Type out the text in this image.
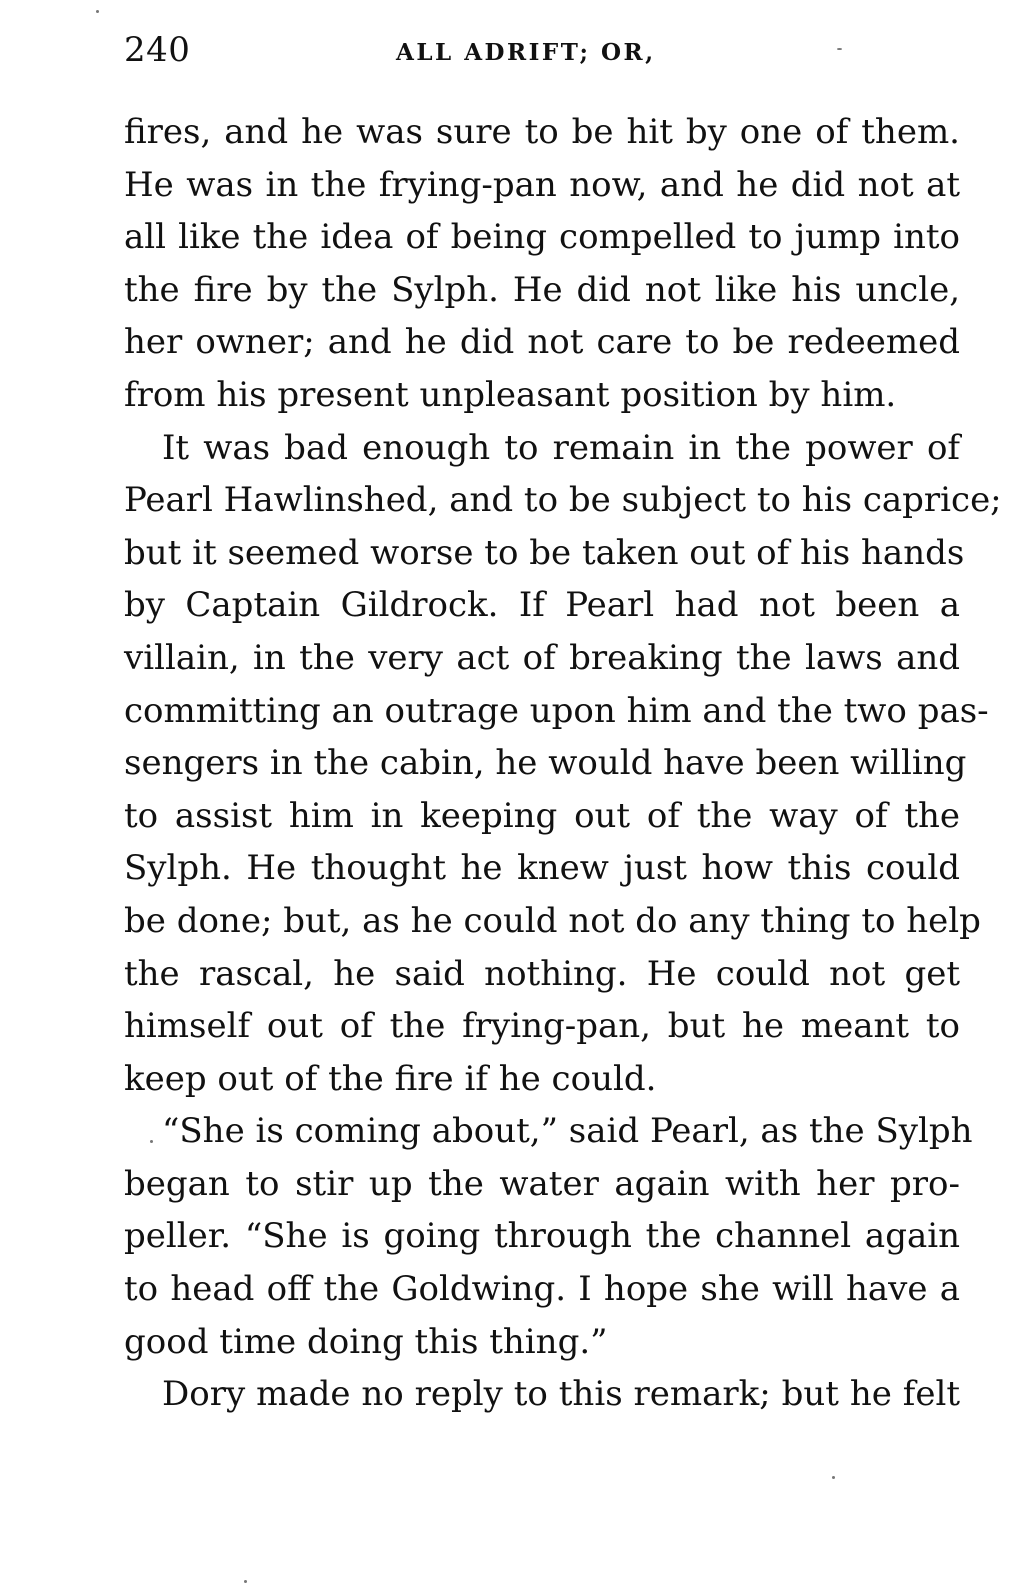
240	ALL ADRIFT; OR,
fires, and he was sure to be hit by one of them.
He was in the frying-pan now, and he did not at
all like the idea of being compelled to jump into
the fire by the Sylph. He did not like his uncle,
her owner; and he did not care to be redeemed
from his present unpleasant position by him.
It was bad enough to remain in the power of
Pearl Hawlinshed, and to be subject to his caprice;
but it seemed worse to be taken out of his hands
by Captain Gildrock. If Pearl had not been a
villain, in the very act of breaking the laws and
committing an outrage upon him and the two pas-
sengers in the cabin, he would have been willing
to assist him in keeping out of the way of the
Sylph. He thought he knew just how this could
be done; but, as he could not do any thing to help
the rascal, he said nothing. He could not get
himself out of the frying-pan, but he meant to
keep out of the fire if he could.
“She is coming about,” said Pearl, as the Sylph
began to stir up the water again with her pro-
peller. “She is going through the channel again
to head off the Goldwing. I hope she will have a
good time doing this thing.”
Dory made no reply to this remark; but he felt
